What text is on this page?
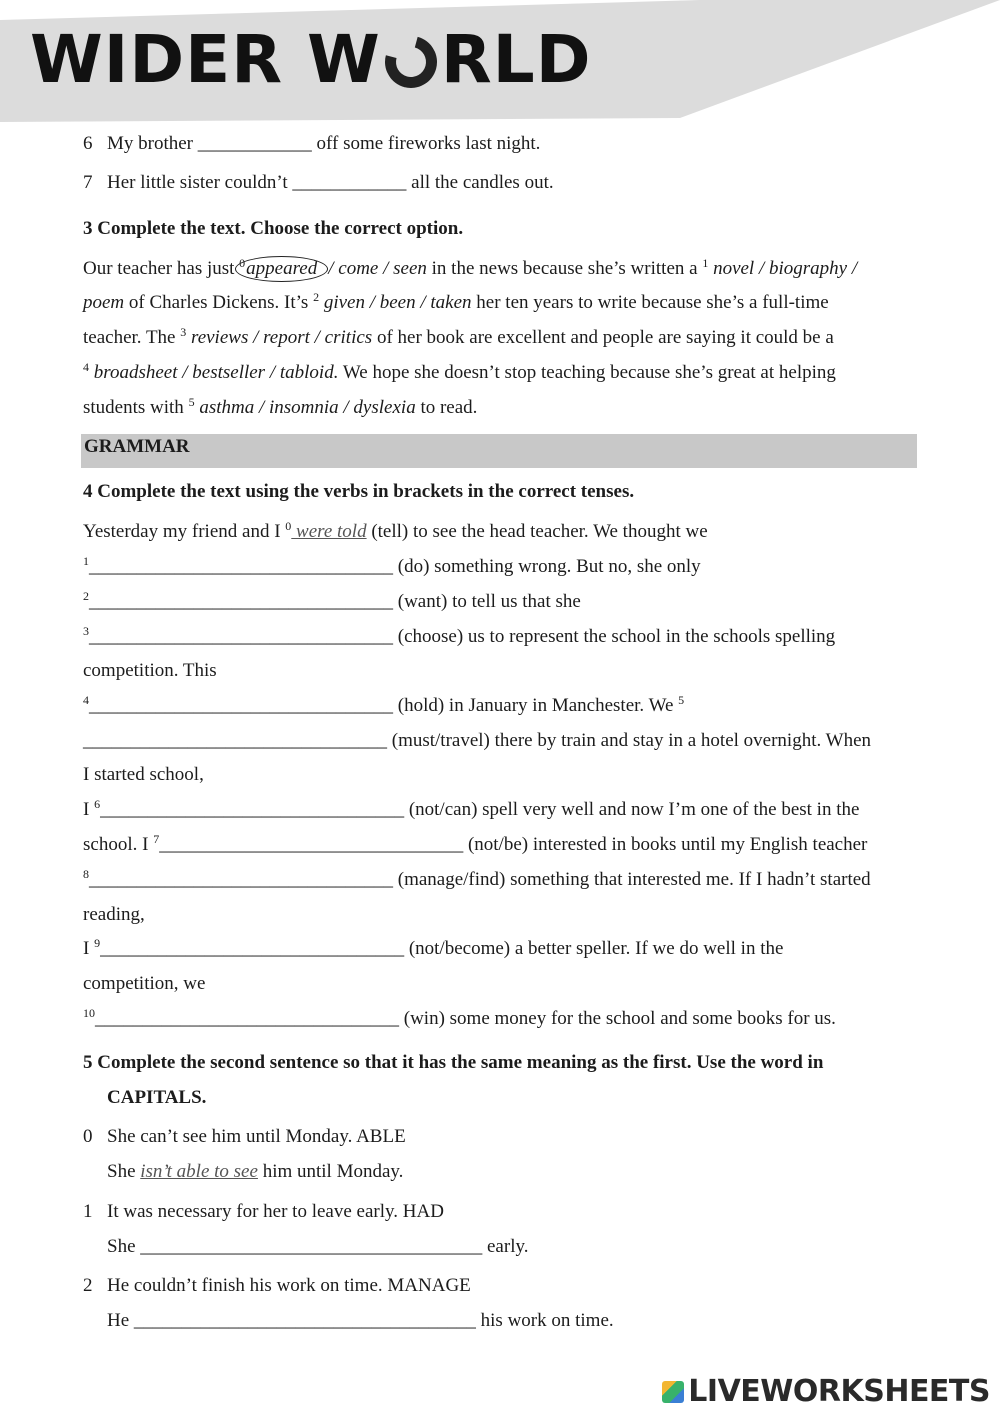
WIDER W RLD
6 My brother ____________ off some fireworks last night.
7 Her little sister couldn’t ____________ all the candles out.
3 Complete the text. Choose the correct option.
Our teacher has just $^0$appeared / come / seen in the news because she’s written a $^1$ novel / biography /
poem of Charles Dickens. It’s $^2$ given / been / taken her ten years to write because she’s a full-time
teacher. The $^3$ reviews / report / critics of her book are excellent and people are saying it could be a
$^4$ broadsheet / bestseller / tabloid. We hope she doesn’t stop teaching because she’s great at helping
students with $^5$ asthma / insomnia / dyslexia to read.
GRAMMAR
4 Complete the text using the verbs in brackets in the correct tenses.
Yesterday my friend and I $^0$ were told (tell) to see the head teacher. We thought we
$^1$________________________________ (do) something wrong. But no, she only
$^2$________________________________ (want) to tell us that she
$^3$________________________________ (choose) us to represent the school in the schools spelling
competition. This
$^4$________________________________ (hold) in January in Manchester. We $^5$
________________________________ (must/travel) there by train and stay in a hotel overnight. When
I started school,
I $^6$________________________________ (not/can) spell very well and now I’m one of the best in the
school. I $^7$________________________________ (not/be) interested in books until my English teacher
$^8$________________________________ (manage/find) something that interested me. If I hadn’t started
reading,
I $^9$________________________________ (not/become) a better speller. If we do well in the
competition, we
$^{10}$________________________________ (win) some money for the school and some books for us.
5 Complete the second sentence so that it has the same meaning as the first. Use the word in
CAPITALS.
0 She can’t see him until Monday. ABLE
She isn’t able to see him until Monday.
1 It was necessary for her to leave early. HAD
She ____________________________________ early.
2 He couldn’t finish his work on time. MANAGE
He ____________________________________ his work on time.
LIVEWORKSHEETS
